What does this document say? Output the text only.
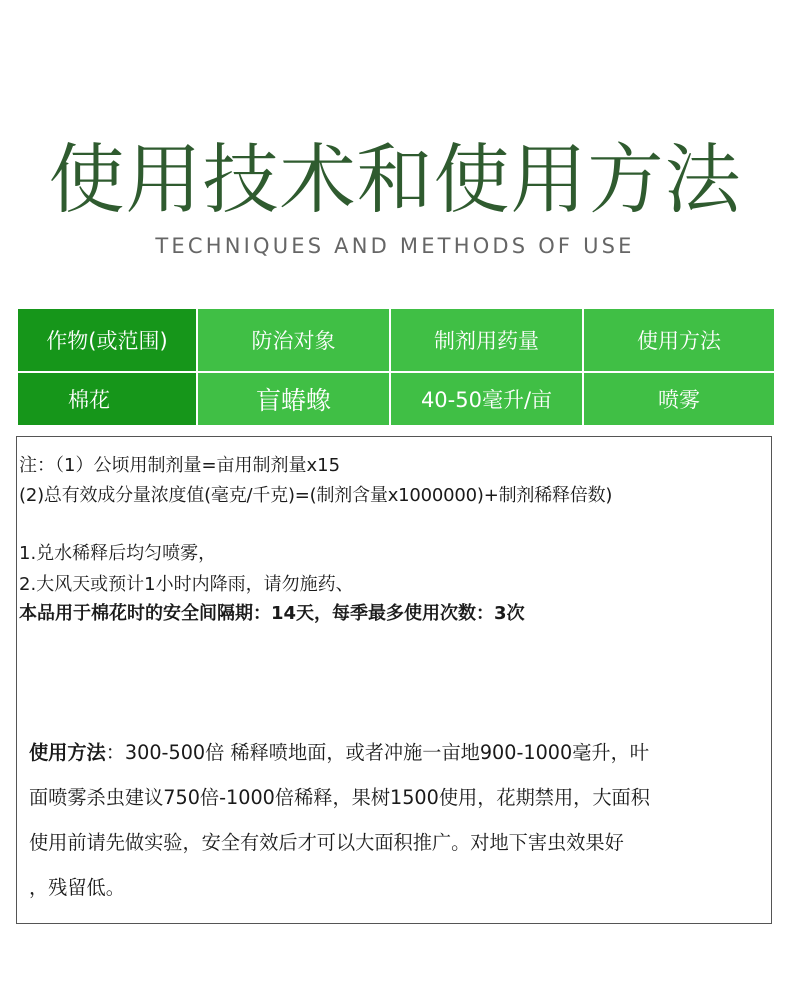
使用技术和使用方法
TECHNIQUES AND METHODS OF USE
作物(或范围)	防治对象	制剂用药量	使用方法
棉花	盲蝽蟓	40-50毫升/亩	喷雾
注：（1）公顷用制剂量=亩用制剂量x15
(2)总有效成分量浓度值(毫克/千克)=(制剂含量x1000000)+制剂稀释倍数)
1.兑水稀释后均匀喷雾，
2.大风天或预计1小时内降雨，请勿施药、
本品用于棉花时的安全间隔期：14天，每季最多使用次数：3次
使用方法：300-500倍 稀释喷地面，或者冲施一亩地900-1000毫升，叶
面喷雾杀虫建议750倍-1000倍稀释，果树1500使用，花期禁用，大面积
使用前请先做实验，安全有效后才可以大面积推广。对地下害虫效果好
，残留低。
